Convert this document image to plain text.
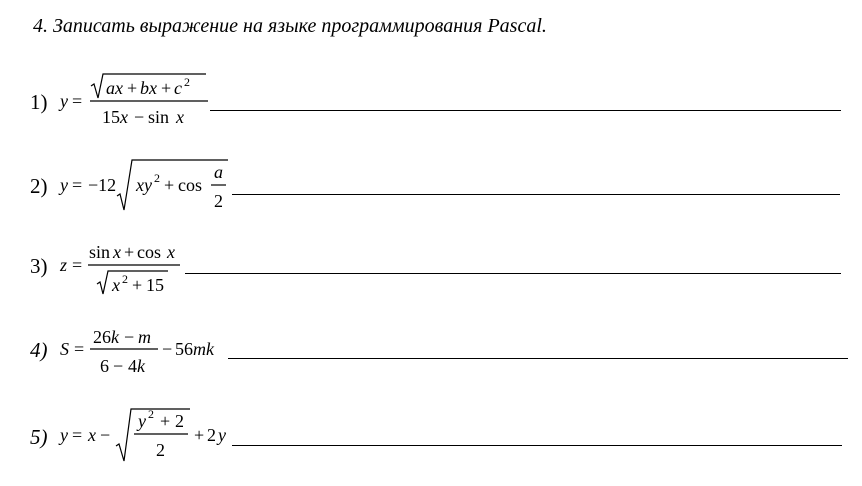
4. Записать выражение на языке программирования Pascal.
1) y =
ax + bx + c 2
15 x − sin x
2) y = −12 xy 2 + cos
a
2
3) z =
sin x + cos x
x 2 + 15
4) S =
26 k − m
6 − 4 k
− 56 mk
5) y = x −
y 2 + 2
2
+ 2 y
